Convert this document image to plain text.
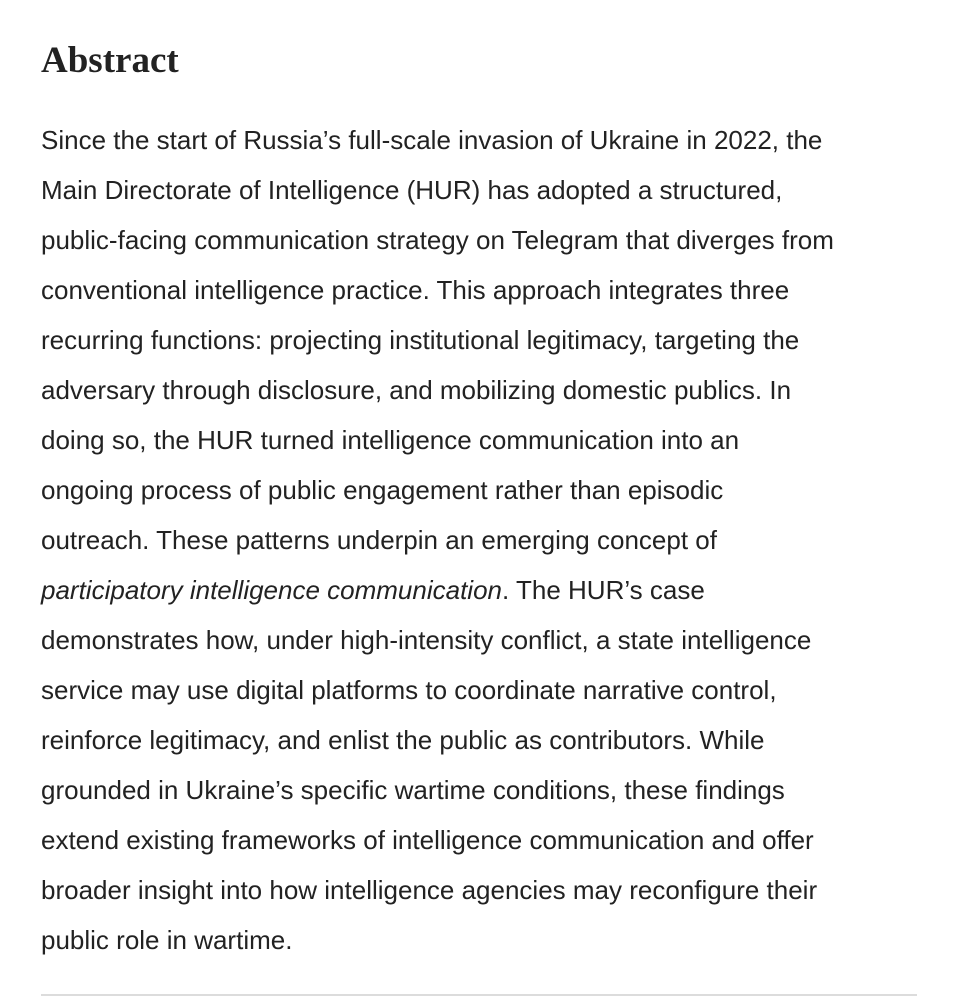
Abstract

Since the start of Russia’s full-scale invasion of Ukraine in 2022, the
Main Directorate of Intelligence (HUR) has adopted a structured,
public-facing communication strategy on Telegram that diverges from
conventional intelligence practice. This approach integrates three
recurring functions: projecting institutional legitimacy, targeting the
adversary through disclosure, and mobilizing domestic publics. In
doing so, the HUR turned intelligence communication into an
ongoing process of public engagement rather than episodic
outreach. These patterns underpin an emerging concept of
participatory intelligence communication. The HUR’s case
demonstrates how, under high-intensity conflict, a state intelligence
service may use digital platforms to coordinate narrative control,
reinforce legitimacy, and enlist the public as contributors. While
grounded in Ukraine’s specific wartime conditions, these findings
extend existing frameworks of intelligence communication and offer
broader insight into how intelligence agencies may reconfigure their
public role in wartime.
